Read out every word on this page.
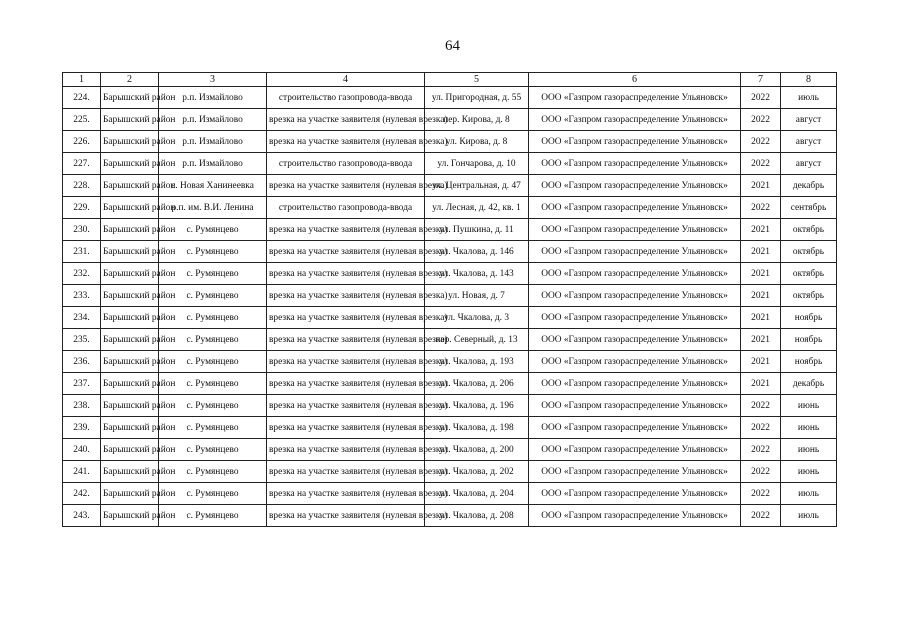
64
1	2	3	4	5	6	7	8
224.	Барышский район	р.п. Измайлово	строительство газопровода-ввода	ул. Пригородная, д. 55	ООО «Газпром газораспределение Ульяновск»	2022	июль
225.	Барышский район	р.п. Измайлово	врезка на участке заявителя (нулевая врезка)	пер. Кирова, д. 8	ООО «Газпром газораспределение Ульяновск»	2022	август
226.	Барышский район	р.п. Измайлово	врезка на участке заявителя (нулевая врезка)	ул. Кирова, д. 8	ООО «Газпром газораспределение Ульяновск»	2022	август
227.	Барышский район	р.п. Измайлово	строительство газопровода-ввода	ул. Гончарова, д. 10	ООО «Газпром газораспределение Ульяновск»	2022	август
228.	Барышский район	с. Новая Ханинеевка	врезка на участке заявителя (нулевая врезка)	ул. Центральная, д. 47	ООО «Газпром газораспределение Ульяновск»	2021	декабрь
229.	Барышский район	р.п. им. В.И. Ленина	строительство газопровода-ввода	ул. Лесная, д. 42, кв. 1	ООО «Газпром газораспределение Ульяновск»	2022	сентябрь
230.	Барышский район	с. Румянцево	врезка на участке заявителя (нулевая врезка)	ул. Пушкина, д. 11	ООО «Газпром газораспределение Ульяновск»	2021	октябрь
231.	Барышский район	с. Румянцево	врезка на участке заявителя (нулевая врезка)	ул. Чкалова, д. 146	ООО «Газпром газораспределение Ульяновск»	2021	октябрь
232.	Барышский район	с. Румянцево	врезка на участке заявителя (нулевая врезка)	ул. Чкалова, д. 143	ООО «Газпром газораспределение Ульяновск»	2021	октябрь
233.	Барышский район	с. Румянцево	врезка на участке заявителя (нулевая врезка)	ул. Новая, д. 7	ООО «Газпром газораспределение Ульяновск»	2021	октябрь
234.	Барышский район	с. Румянцево	врезка на участке заявителя (нулевая врезка)	ул. Чкалова, д. 3	ООО «Газпром газораспределение Ульяновск»	2021	ноябрь
235.	Барышский район	с. Румянцево	врезка на участке заявителя (нулевая врезка)	пер. Северный, д. 13	ООО «Газпром газораспределение Ульяновск»	2021	ноябрь
236.	Барышский район	с. Румянцево	врезка на участке заявителя (нулевая врезка)	ул. Чкалова, д. 193	ООО «Газпром газораспределение Ульяновск»	2021	ноябрь
237.	Барышский район	с. Румянцево	врезка на участке заявителя (нулевая врезка)	ул. Чкалова, д. 206	ООО «Газпром газораспределение Ульяновск»	2021	декабрь
238.	Барышский район	с. Румянцево	врезка на участке заявителя (нулевая врезка)	ул. Чкалова, д. 196	ООО «Газпром газораспределение Ульяновск»	2022	июнь
239.	Барышский район	с. Румянцево	врезка на участке заявителя (нулевая врезка)	ул. Чкалова, д. 198	ООО «Газпром газораспределение Ульяновск»	2022	июнь
240.	Барышский район	с. Румянцево	врезка на участке заявителя (нулевая врезка)	ул. Чкалова, д. 200	ООО «Газпром газораспределение Ульяновск»	2022	июнь
241.	Барышский район	с. Румянцево	врезка на участке заявителя (нулевая врезка)	ул. Чкалова, д. 202	ООО «Газпром газораспределение Ульяновск»	2022	июнь
242.	Барышский район	с. Румянцево	врезка на участке заявителя (нулевая врезка)	ул. Чкалова, д. 204	ООО «Газпром газораспределение Ульяновск»	2022	июль
243.	Барышский район	с. Румянцево	врезка на участке заявителя (нулевая врезка)	ул. Чкалова, д. 208	ООО «Газпром газораспределение Ульяновск»	2022	июль
